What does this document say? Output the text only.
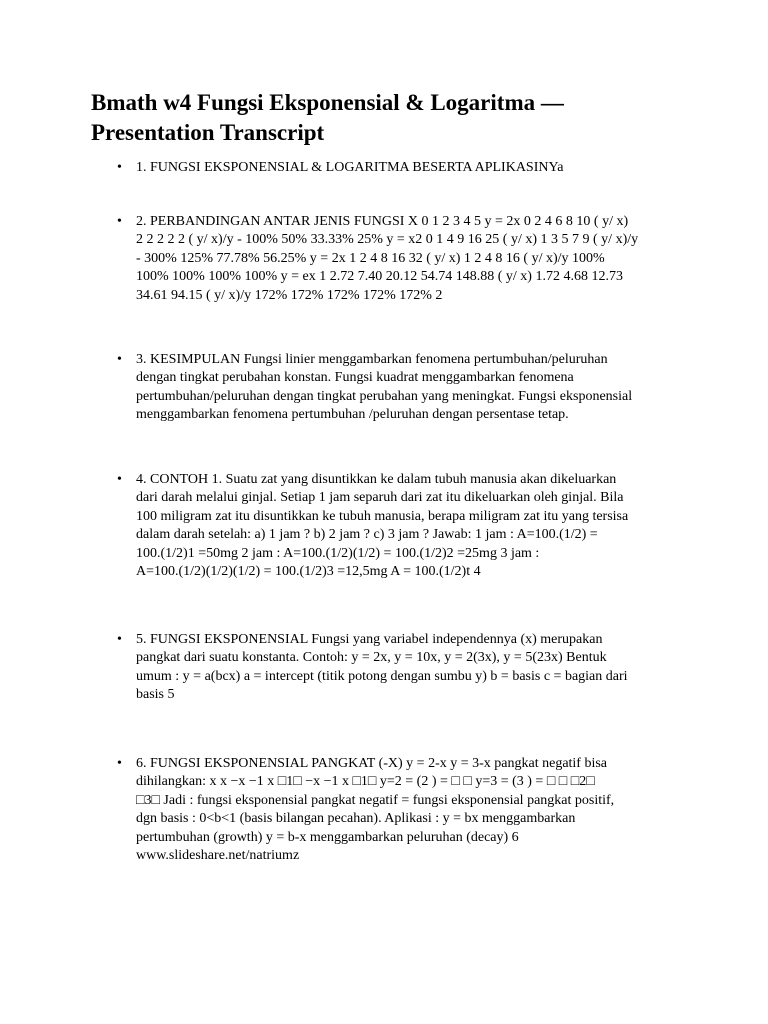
Bmath w4 Fungsi Eksponensial & Logaritma —
Presentation Transcript
•	1. FUNGSI EKSPONENSIAL & LOGARITMA BESERTA APLIKASINYa
•	2. PERBANDINGAN ANTAR JENIS FUNGSI X 0 1 2 3 4 5 y = 2x 0 2 4 6 8 10 ( y/ x)
2 2 2 2 2 ( y/ x)/y - 100% 50% 33.33% 25% y = x2 0 1 4 9 16 25 ( y/ x) 1 3 5 7 9 ( y/ x)/y
- 300% 125% 77.78% 56.25% y = 2x 1 2 4 8 16 32 ( y/ x) 1 2 4 8 16 ( y/ x)/y 100%
100% 100% 100% 100% y = ex 1 2.72 7.40 20.12 54.74 148.88 ( y/ x) 1.72 4.68 12.73
34.61 94.15 ( y/ x)/y 172% 172% 172% 172% 172% 2
•	3. KESIMPULAN Fungsi linier menggambarkan fenomena pertumbuhan/peluruhan
dengan tingkat perubahan konstan. Fungsi kuadrat menggambarkan fenomena
pertumbuhan/peluruhan dengan tingkat perubahan yang meningkat. Fungsi eksponensial
menggambarkan fenomena pertumbuhan /peluruhan dengan persentase tetap.
•	4. CONTOH 1. Suatu zat yang disuntikkan ke dalam tubuh manusia akan dikeluarkan
dari darah melalui ginjal. Setiap 1 jam separuh dari zat itu dikeluarkan oleh ginjal. Bila
100 miligram zat itu disuntikkan ke tubuh manusia, berapa miligram zat itu yang tersisa
dalam darah setelah: a) 1 jam ? b) 2 jam ? c) 3 jam ? Jawab: 1 jam : A=100.(1/2) =
100.(1/2)1 =50mg 2 jam : A=100.(1/2)(1/2) = 100.(1/2)2 =25mg 3 jam :
A=100.(1/2)(1/2)(1/2) = 100.(1/2)3 =12,5mg A = 100.(1/2)t 4
•	5. FUNGSI EKSPONENSIAL Fungsi yang variabel independennya (x) merupakan
pangkat dari suatu konstanta. Contoh: y = 2x, y = 10x, y = 2(3x), y = 5(23x) Bentuk
umum : y = a(bcx) a = intercept (titik potong dengan sumbu y) b = basis c = bagian dari
basis 5
•	6. FUNGSI EKSPONENSIAL PANGKAT (-X) y = 2-x y = 3-x pangkat negatif bisa
dihilangkan: x x −x −1 x □1□ −x −1 x □1□ y=2 = (2 ) = □ □ y=3 = (3 ) = □ □ □2□
□3□ Jadi : fungsi eksponensial pangkat negatif = fungsi eksponensial pangkat positif,
dgn basis : 0<b<1 (basis bilangan pecahan). Aplikasi : y = bx menggambarkan
pertumbuhan (growth) y = b-x menggambarkan peluruhan (decay) 6
www.slideshare.net/natriumz
